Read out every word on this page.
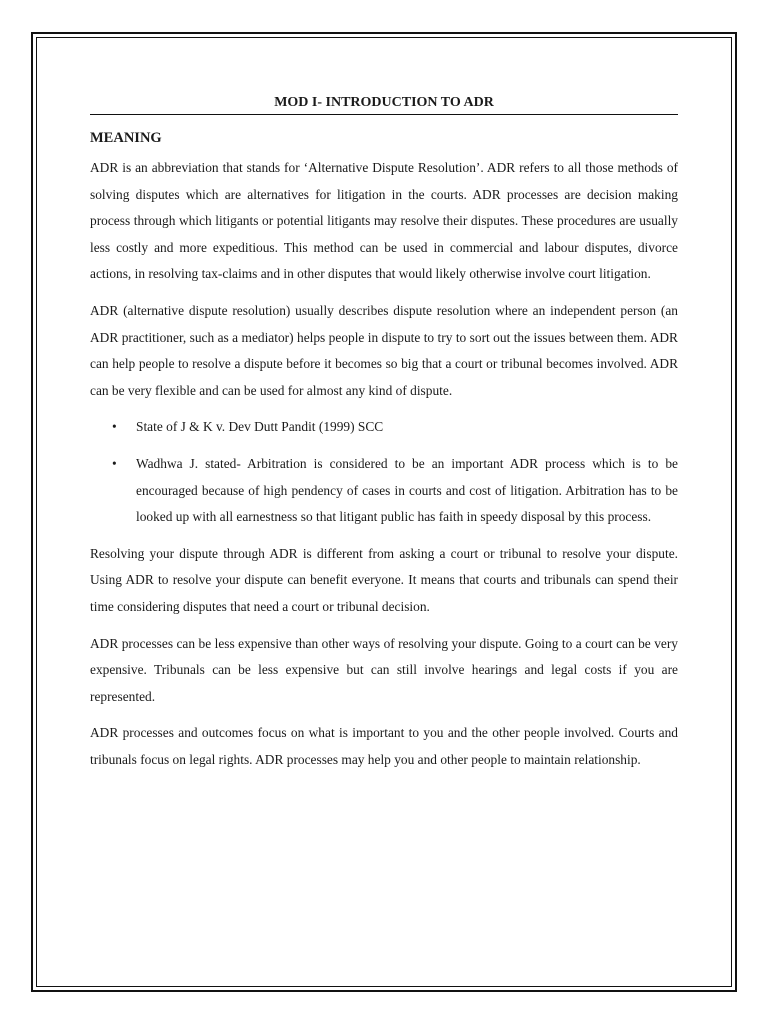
MOD I- INTRODUCTION TO ADR
MEANING

ADR is an abbreviation that stands for ‘Alternative Dispute Resolution’. ADR refers to all those methods of solving disputes which are alternatives for litigation in the courts. ADR processes are decision making process through which litigants or potential litigants may resolve their disputes. These procedures are usually less costly and more expeditious. This method can be used in commercial and labour disputes, divorce actions, in resolving tax-claims and in other disputes that would likely otherwise involve court litigation.

ADR (alternative dispute resolution) usually describes dispute resolution where an independent person (an ADR practitioner, such as a mediator) helps people in dispute to try to sort out the issues between them. ADR can help people to resolve a dispute before it becomes so big that a court or tribunal becomes involved. ADR can be very flexible and can be used for almost any kind of dispute.

• State of J & K v. Dev Dutt Pandit (1999) SCC
• Wadhwa J. stated- Arbitration is considered to be an important ADR process which is to be encouraged because of high pendency of cases in courts and cost of litigation. Arbitration has to be looked up with all earnestness so that litigant public has faith in speedy disposal by this process.

Resolving your dispute through ADR is different from asking a court or tribunal to resolve your dispute. Using ADR to resolve your dispute can benefit everyone. It means that courts and tribunals can spend their time considering disputes that need a court or tribunal decision.

ADR processes can be less expensive than other ways of resolving your dispute. Going to a court can be very expensive. Tribunals can be less expensive but can still involve hearings and legal costs if you are represented.

ADR processes and outcomes focus on what is important to you and the other people involved. Courts and tribunals focus on legal rights. ADR processes may help you and other people to maintain relationship.
